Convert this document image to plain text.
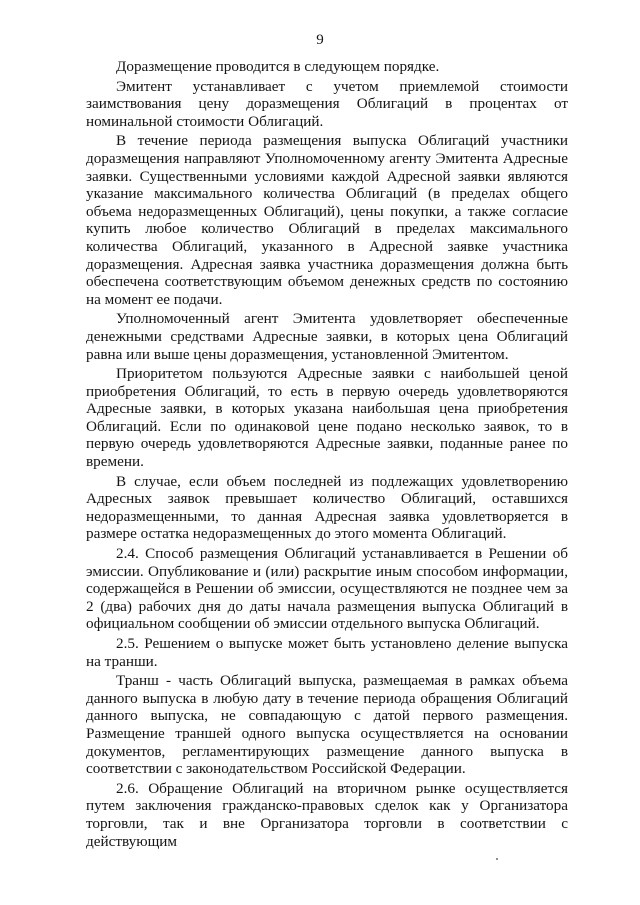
9

Доразмещение проводится в следующем порядке.

Эмитент устанавливает с учетом приемлемой стоимости заимствования цену доразмещения Облигаций в процентах от номинальной стоимости Облигаций.

В течение периода размещения выпуска Облигаций участники доразмещения направляют Уполномоченному агенту Эмитента Адресные заявки. Существенными условиями каждой Адресной заявки являются указание максимального количества Облигаций (в пределах общего объема недоразмещенных Облигаций), цены покупки, а также согласие купить любое количество Облигаций в пределах максимального количества Облигаций, указанного в Адресной заявке участника доразмещения. Адресная заявка участника доразмещения должна быть обеспечена соответствующим объемом денежных средств по состоянию на момент ее подачи.

Уполномоченный агент Эмитента удовлетворяет обеспеченные денежными средствами Адресные заявки, в которых цена Облигаций равна или выше цены доразмещения, установленной Эмитентом.

Приоритетом пользуются Адресные заявки с наибольшей ценой приобретения Облигаций, то есть в первую очередь удовлетворяются Адресные заявки, в которых указана наибольшая цена приобретения Облигаций. Если по одинаковой цене подано несколько заявок, то в первую очередь удовлетворяются Адресные заявки, поданные ранее по времени.

В случае, если объем последней из подлежащих удовлетворению Адресных заявок превышает количество Облигаций, оставшихся недоразмещенными, то данная Адресная заявка удовлетворяется в размере остатка недоразмещенных до этого момента Облигаций.

2.4. Способ размещения Облигаций устанавливается в Решении об эмиссии. Опубликование и (или) раскрытие иным способом информации, содержащейся в Решении об эмиссии, осуществляются не позднее чем за 2 (два) рабочих дня до даты начала размещения выпуска Облигаций в официальном сообщении об эмиссии отдельного выпуска Облигаций.

2.5. Решением о выпуске может быть установлено деление выпуска на транши.

Транш - часть Облигаций выпуска, размещаемая в рамках объема данного выпуска в любую дату в течение периода обращения Облигаций данного выпуска, не совпадающую с датой первого размещения. Размещение траншей одного выпуска осуществляется на основании документов, регламентирующих размещение данного выпуска в соответствии с законодательством Российской Федерации.

2.6. Обращение Облигаций на вторичном рынке осуществляется путем заключения гражданско-правовых сделок как у Организатора торговли, так и вне Организатора торговли в соответствии с действующим
